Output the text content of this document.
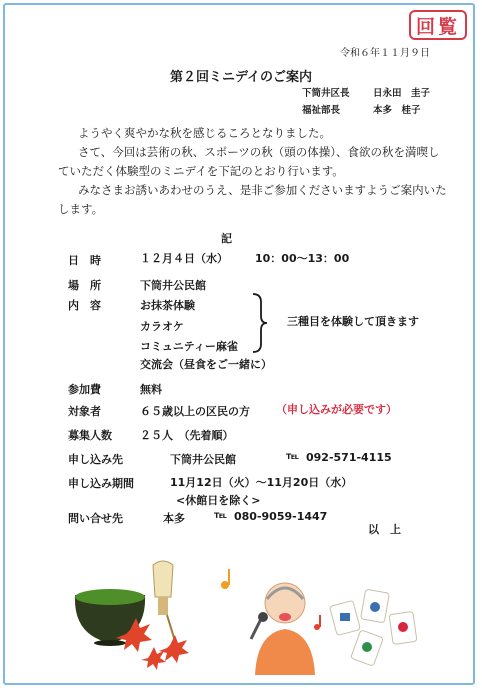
回覧
令和６年１１月９日
第２回ミニデイのご案内
下筒井区長 日永田　圭子
福祉部長	本多　桂子
ようやく爽やかな秋を感じるころとなりました。
さて、今回は芸術の秋、スポーツの秋（頭の体操）、食欲の秋を満喫していただく体験型のミニデイを下記のとおり行います。
みなさまお誘いあわせのうえ、是非ご参加くださいますようご案内いたします。
記
日　時	１２月４日（水） 10：00～13：00
場　所	下筒井公民館
内　容	お抹茶体験
カラオケ
コミュニティー麻雀
三種目を体験して頂きます
交流会（昼食をご一緒に）
参加費	無料
対象者	６５歳以上の区民の方 （申し込みが必要です）
募集人数	２５人　（先着順）
申し込み先	下筒井公民館	℡ 092-571-4115
申し込み期間	11月12日（火）～11月20日（水）
<休館日を除く>
問い合せ先	本多	℡ 080-9059-1447
以　上
